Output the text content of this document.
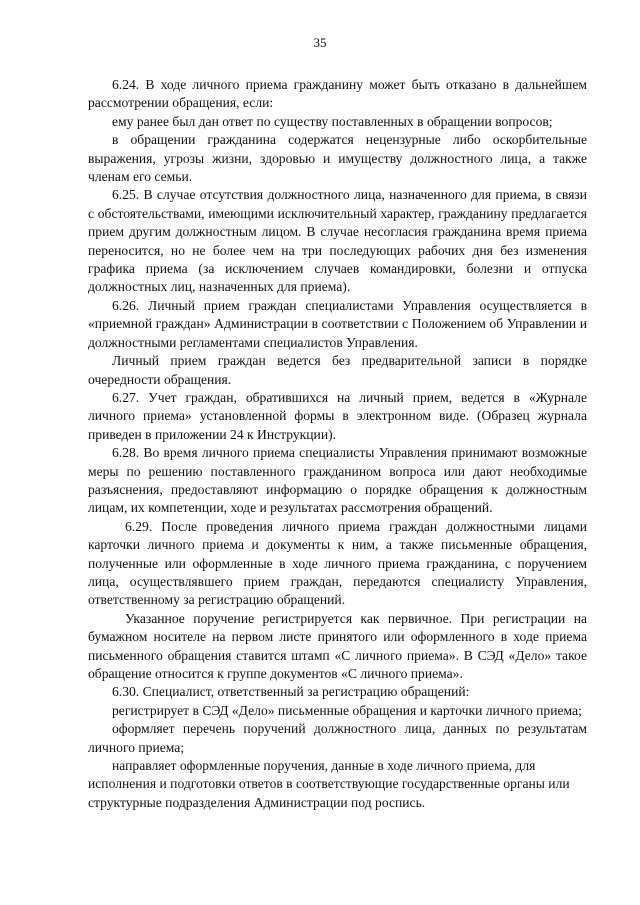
35

6.24. В ходе личного приема гражданину может быть отказано в дальнейшем рассмотрении обращения, если:

ему ранее был дан ответ по существу поставленных в обращении вопросов;

в обращении гражданина содержатся нецензурные либо оскорбительные выражения, угрозы жизни, здоровью и имуществу должностного лица, а также членам его семьи.

6.25. В случае отсутствия должностного лица, назначенного для приема, в связи с обстоятельствами, имеющими исключительный характер, гражданину предлагается прием другим должностным лицом. В случае несогласия гражданина время приема переносится, но не более чем на три последующих рабочих дня без изменения графика приема (за исключением случаев командировки, болезни и отпуска должностных лиц, назначенных для приема).

6.26. Личный прием граждан специалистами Управления осуществляется в «приемной граждан» Администрации в соответствии с Положением об Управлении и должностными регламентами специалистов Управления.

Личный прием граждан ведется без предварительной записи в порядке очередности обращения.

6.27. Учет граждан, обратившихся на личный прием, ведется в «Журнале личного приема» установленной формы в электронном виде. (Образец журнала приведен в приложении 24 к Инструкции).

6.28. Во время личного приема специалисты Управления принимают возможные меры по решению поставленного гражданином вопроса или дают необходимые разъяснения, предоставляют информацию о порядке обращения к должностным лицам, их компетенции, ходе и результатах рассмотрения обращений.

6.29. После проведения личного приема граждан должностными лицами карточки личного приема и документы к ним, а также письменные обращения, полученные или оформленные в ходе личного приема гражданина, с поручением лица, осуществлявшего прием граждан, передаются специалисту Управления, ответственному за регистрацию обращений.

Указанное поручение регистрируется как первичное. При регистрации на бумажном носителе на первом листе принятого или оформленного в ходе приема письменного обращения ставится штамп «С личного приема». В СЭД «Дело» такое обращение относится к группе документов «С личного приема».

6.30. Специалист, ответственный за регистрацию обращений:

регистрирует в СЭД «Дело» письменные обращения и карточки личного приема;

оформляет перечень поручений должностного лица, данных по результатам личного приема;

направляет оформленные поручения, данные в ходе личного приема, для исполнения и подготовки ответов в соответствующие государственные органы или структурные подразделения Администрации под роспись.
